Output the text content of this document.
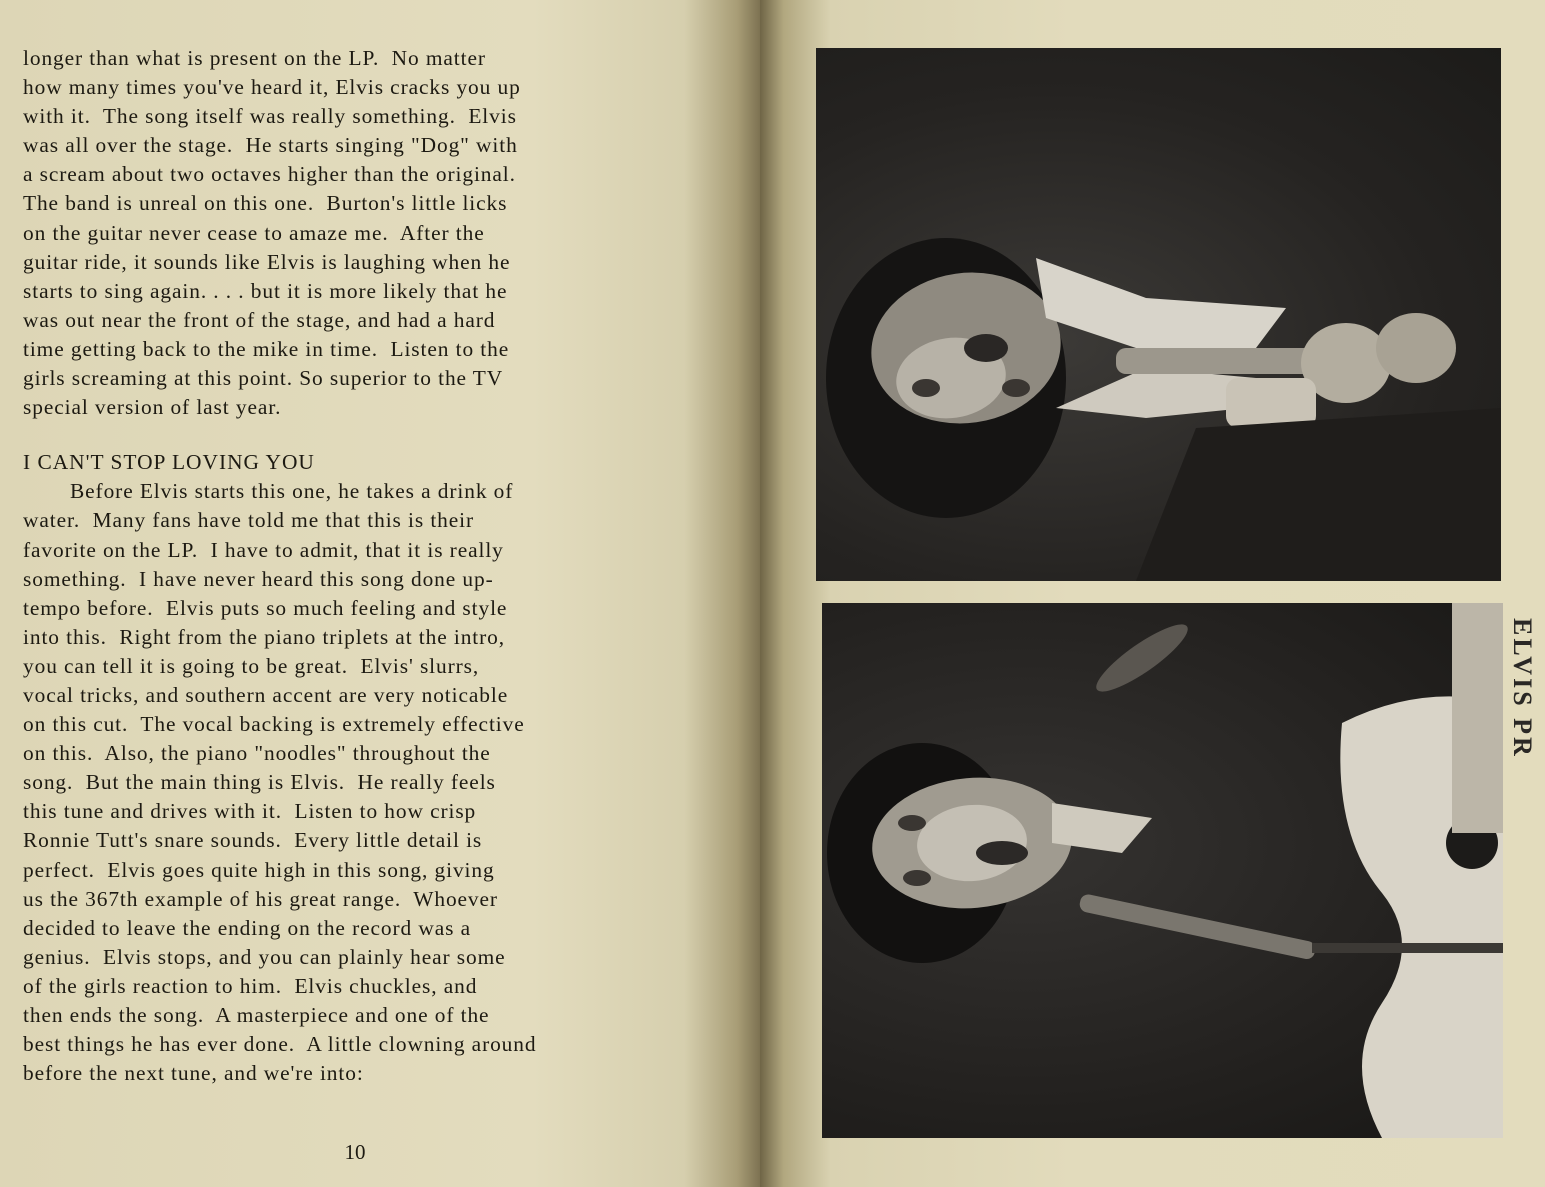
longer than what is present on the LP.  No matter

how many times you've heard it, Elvis cracks you up

with it.  The song itself was really something.  Elvis

was all over the stage.  He starts singing "Dog" with

a scream about two octaves higher than the original.

The band is unreal on this one.  Burton's little licks

on the guitar never cease to amaze me.  After the

guitar ride, it sounds like Elvis is laughing when he

starts to sing again. . . . but it is more likely that he

was out near the front of the stage, and had a hard

time getting back to the mike in time.  Listen to the

girls screaming at this point. So superior to the TV

special version of last year.

I CAN'T STOP LOVING YOU

Before Elvis starts this one, he takes a drink of

water.  Many fans have told me that this is their

favorite on the LP.  I have to admit, that it is really

something.  I have never heard this song done up-

tempo before.  Elvis puts so much feeling and style

into this.  Right from the piano triplets at the intro,

you can tell it is going to be great.  Elvis' slurrs,

vocal tricks, and southern accent are very noticable

on this cut.  The vocal backing is extremely effective

on this.  Also, the piano "noodles" throughout the

song.  But the main thing is Elvis.  He really feels

this tune and drives with it.  Listen to how crisp

Ronnie Tutt's snare sounds.  Every little detail is

perfect.  Elvis goes quite high in this song, giving

us the 367th example of his great range.  Whoever

decided to leave the ending on the record was a

genius.  Elvis stops, and you can plainly hear some

of the girls reaction to him.  Elvis chuckles, and

then ends the song.  A masterpiece and one of the

best things he has ever done.  A little clowning around

before the next tune, and we're into:

10
ELVIS PR
